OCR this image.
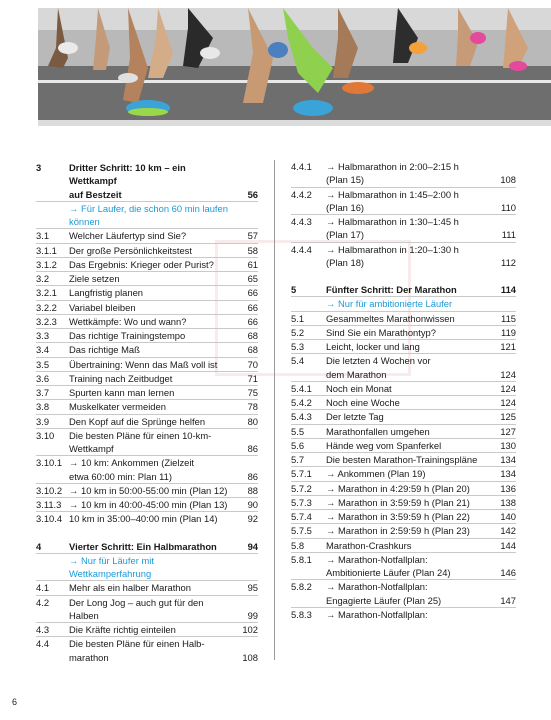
3	Dritter Schritt: 10 km – ein Wettkampf
auf Bestzeit	56
→ Für Laufer, die schon 60 min laufen können
3.1	Welcher Läufertyp sind Sie?	57
3.1.1	Der große Persönlichkeitstest	58
3.1.2	Das Ergebnis: Krieger oder Purist?	61
3.2	Ziele setzen	65
3.2.1	Langfristig planen	66
3.2.2	Variabel bleiben	66
3.2.3	Wettkämpfe: Wo und wann?	66
3.3	Das richtige Trainingstempo	68
3.4	Das richtige Maß	68
3.5	Übertraining: Wenn das Maß voll ist	70
3.6	Training nach Zeitbudget	71
3.7	Spurten kann man lernen	75
3.8	Muskelkater vermeiden	78
3.9	Den Kopf auf die Sprünge helfen	80
3.10	Die besten Pläne für einen 10-km-
Wettkampf	86
3.10.1 → 10 km: Ankommen (Zielzeit
etwa 60:00 min: Plan 11)	86
3.10.2 → 10 km in 50:00-55:00 min (Plan 12)	88
3.11.3 → 10 km in 40:00-45:00 min (Plan 13)	90
3.10.4 10 km in 35:00–40:00 min (Plan 14)	92
4	Vierter Schritt: Ein Halbmarathon	94
→ Nur für Läufer mit Wettkamperfahrung
4.1	Mehr als ein halber Marathon	95
4.2	Der Long Jog – auch gut für den
Halben	99
4.3	Die Kräfte richtig einteilen	102
4.4	Die besten Pläne für einen Halb-
marathon	108
4.4.1	→ Halbmarathon in 2:00–2:15 h
(Plan 15)	108
4.4.2	→ Halbmarathon in 1:45–2:00 h
(Plan 16)	110
4.4.3	→ Halbmarathon in 1:30–1:45 h
(Plan 17)	111
4.4.4	→ Halbmarathon in 1:20–1:30 h
(Plan 18)	112
5	Fünfter Schritt: Der Marathon	114
→ Nur für ambitionierte Läufer
5.1	Gesammeltes Marathonwissen	115
5.2	Sind Sie ein Marathontyp?	119
5.3	Leicht, locker und lang	121
5.4	Die letzten 4 Wochen vor
dem Marathon	124
5.4.1	Noch ein Monat	124
5.4.2	Noch eine Woche	124
5.4.3	Der letzte Tag	125
5.5	Marathonfallen umgehen	127
5.6	Hände weg vom Spanferkel	130
5.7	Die besten Marathon-Trainingspläne	134
5.7.1	→ Ankommen (Plan 19)	134
5.7.2	→ Marathon in 4:29:59 h (Plan 20)	136
5.7.3	→ Marathon in 3:59:59 h (Plan 21)	138
5.7.4	→ Marathon in 3:59:59 h (Plan 22)	140
5.7.5	→ Marathon in 2:59:59 h (Plan 23)	142
5.8	Marathon-Crashkurs	144
5.8.1	→ Marathon-Notfallplan:
Ambitionierte Läufer (Plan 24)	146
5.8.2	→ Marathon-Notfallplan:
Engagierte Läufer (Plan 25)	147
5.8.3	→ Marathon-Notfallplan:
6
